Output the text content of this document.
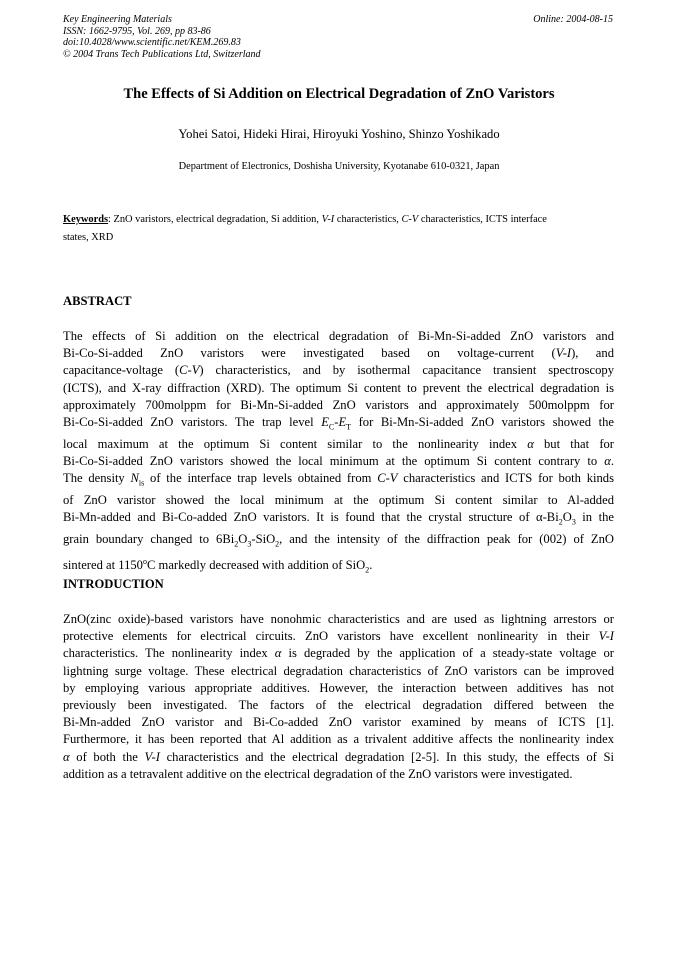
Key Engineering Materials
ISSN: 1662-9795, Vol. 269, pp 83-86
doi:10.4028/www.scientific.net/KEM.269.83
© 2004 Trans Tech Publications Ltd, Switzerland
Online: 2004-08-15
The Effects of Si Addition on Electrical Degradation of ZnO Varistors
Yohei Satoi, Hideki Hirai, Hiroyuki Yoshino, Shinzo Yoshikado
Department of Electronics, Doshisha University, Kyotanabe 610-0321, Japan
Keywords: ZnO varistors, electrical degradation, Si addition, V-I characteristics, C-V characteristics, ICTS interface
states, XRD
ABSTRACT
The effects of Si addition on the electrical degradation of Bi-Mn-Si-added ZnO varistors and
Bi-Co-Si-added ZnO varistors were investigated based on voltage-current (V-I), and
capacitance-voltage (C-V) characteristics, and by isothermal capacitance transient spectroscopy
(ICTS), and X-ray diffraction (XRD). The optimum Si content to prevent the electrical degradation is
approximately 700molppm for Bi-Mn-Si-added ZnO varistors and approximately 500molppm for
Bi-Co-Si-added ZnO varistors. The trap level $E_C-E_T$ for Bi-Mn-Si-added ZnO varistors showed the
local maximum at the optimum Si content similar to the nonlinearity index α but that for
Bi-Co-Si-added ZnO varistors showed the local minimum at the optimum Si content contrary to α.
The density $N_{is}$ of the interface trap levels obtained from C-V characteristics and ICTS for both kinds
of ZnO varistor showed the local minimum at the optimum Si content similar to Al-added
Bi-Mn-added and Bi-Co-added ZnO varistors. It is found that the crystal structure of $\alpha-Bi_2O_3$ in the
grain boundary changed to $6Bi_2O_3-SiO_2$, and the intensity of the diffraction peak for (002) of ZnO
sintered at 1150$^o$C markedly decreased with addition of SiO$_2$.
INTRODUCTION
ZnO(zinc oxide)-based varistors have nonohmic characteristics and are used as lightning arrestors or
protective elements for electrical circuits. ZnO varistors have excellent nonlinearity in their V-I
characteristics. The nonlinearity index α is degraded by the application of a steady-state voltage or
lightning surge voltage. These electrical degradation characteristics of ZnO varistors can be improved
by employing various appropriate additives. However, the interaction between additives has not
previously been investigated. The factors of the electrical degradation differed between the
Bi-Mn-added ZnO varistor and Bi-Co-added ZnO varistor examined by means of ICTS [1].
Furthermore, it has been reported that Al addition as a trivalent additive affects the nonlinearity index
α of both the V-I characteristics and the electrical degradation [2-5]. In this study, the effects of Si
addition as a tetravalent additive on the electrical degradation of the ZnO varistors were investigated.
